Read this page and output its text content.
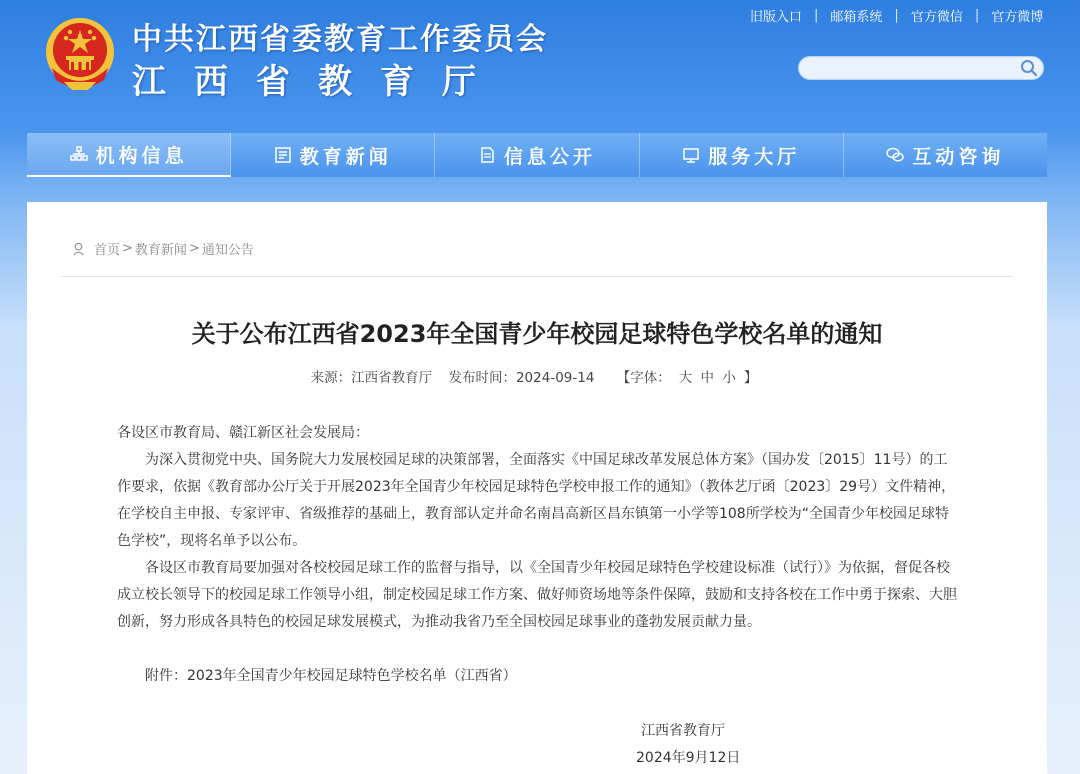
中共江西省委教育工作委员会
江西省教育厅
旧版入口 | 邮箱系统 | 官方微信 | 官方微博
机构信息	教育新闻	信息公开	服务大厅	互动咨询
首页 > 教育新闻 > 通知公告
关于公布江西省2023年全国青少年校园足球特色学校名单的通知
来源：江西省教育厅 发布时间：2024-09-14 【字体： 大 中 小 】

各设区市教育局、赣江新区社会发展局：

为深入贯彻党中央、国务院大力发展校园足球的决策部署，全面落实《中国足球改革发展总体方案》（国办发〔2015〕11号）的工作要求，依据《教育部办公厅关于开展2023年全国青少年校园足球特色学校申报工作的通知》（教体艺厅函〔2023〕29号）文件精神，在学校自主申报、专家评审、省级推荐的基础上，教育部认定并命名南昌高新区昌东镇第一小学等108所学校为“全国青少年校园足球特色学校”，现将名单予以公布。

各设区市教育局要加强对各校校园足球工作的监督与指导，以《全国青少年校园足球特色学校建设标准（试行）》为依据，督促各校成立校长领导下的校园足球工作领导小组，制定校园足球工作方案、做好师资场地等条件保障，鼓励和支持各校在工作中勇于探索、大胆创新，努力形成各具特色的校园足球发展模式，为推动我省乃至全国校园足球事业的蓬勃发展贡献力量。

附件：2023年全国青少年校园足球特色学校名单（江西省）
江西省教育厅
2024年9月12日
